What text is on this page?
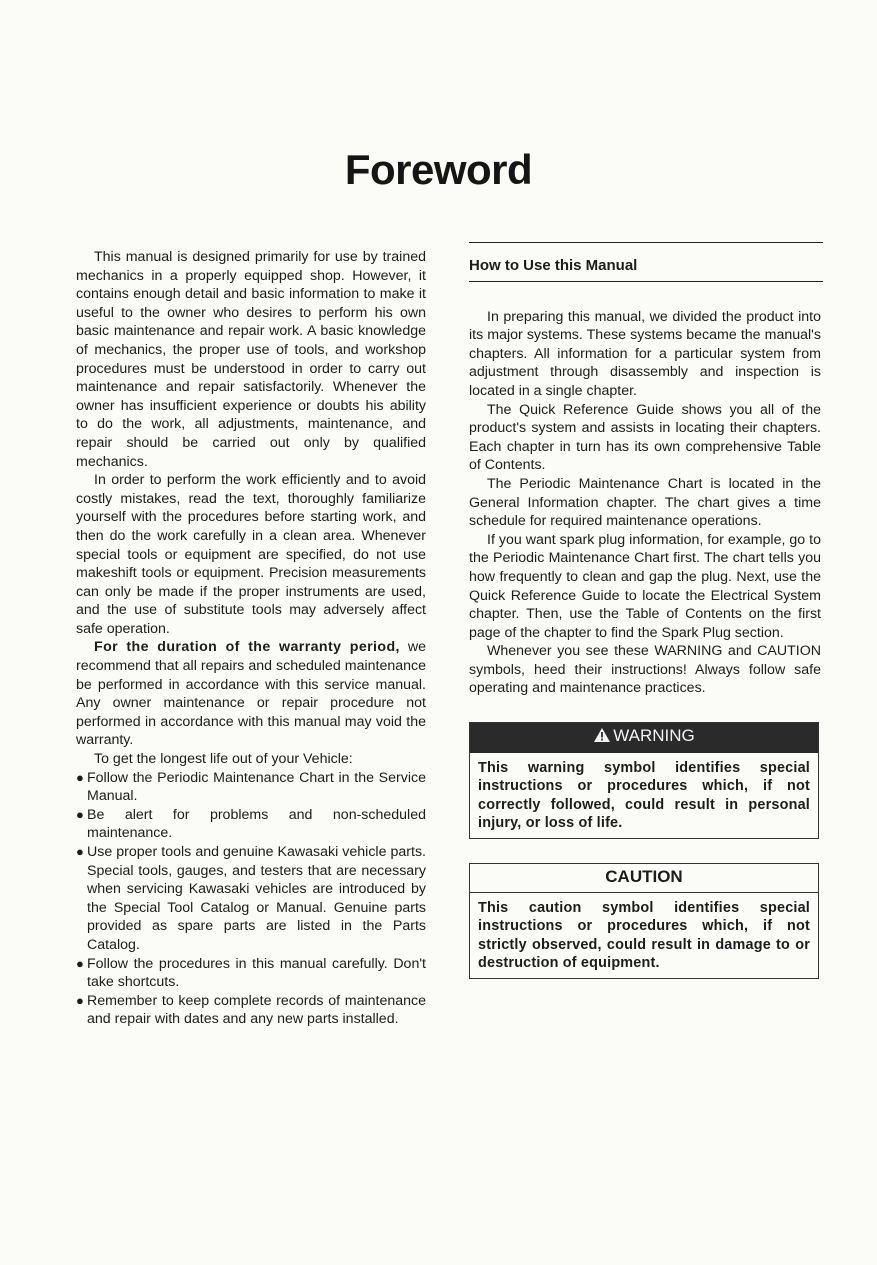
Foreword

This manual is designed primarily for use by trained mechanics in a properly equipped shop. However, it contains enough detail and basic information to make it useful to the owner who desires to perform his own basic maintenance and repair work. A basic knowledge of mechanics, the proper use of tools, and workshop procedures must be understood in order to carry out maintenance and repair satisfactorily. Whenever the owner has insufficient experience or doubts his ability to do the work, all adjustments, maintenance, and repair should be carried out only by qualified mechanics.

In order to perform the work efficiently and to avoid costly mistakes, read the text, thoroughly familiarize yourself with the procedures before starting work, and then do the work carefully in a clean area. Whenever special tools or equipment are specified, do not use makeshift tools or equipment. Precision measurements can only be made if the proper instruments are used, and the use of substitute tools may adversely affect safe operation.

For the duration of the warranty period, we recommend that all repairs and scheduled maintenance be performed in accordance with this service manual. Any owner maintenance or repair procedure not performed in accordance with this manual may void the warranty.

To get the longest life out of your Vehicle:

● Follow the Periodic Maintenance Chart in the Service Manual.
● Be alert for problems and non-scheduled maintenance.
● Use proper tools and genuine Kawasaki vehicle parts. Special tools, gauges, and testers that are necessary when servicing Kawasaki vehicles are introduced by the Special Tool Catalog or Manual. Genuine parts provided as spare parts are listed in the Parts Catalog.
● Follow the procedures in this manual carefully. Don't take shortcuts.
● Remember to keep complete records of maintenance and repair with dates and any new parts installed.
How to Use this Manual

In preparing this manual, we divided the product into its major systems. These systems became the manual's chapters. All information for a particular system from adjustment through disassembly and inspection is located in a single chapter.

The Quick Reference Guide shows you all of the product's system and assists in locating their chapters. Each chapter in turn has its own comprehensive Table of Contents.

The Periodic Maintenance Chart is located in the General Information chapter. The chart gives a time schedule for required maintenance operations.

If you want spark plug information, for example, go to the Periodic Maintenance Chart first. The chart tells you how frequently to clean and gap the plug. Next, use the Quick Reference Guide to locate the Electrical System chapter. Then, use the Table of Contents on the first page of the chapter to find the Spark Plug section.

Whenever you see these WARNING and CAUTION symbols, heed their instructions! Always follow safe operating and maintenance practices.

WARNING
This warning symbol identifies special instructions or procedures which, if not correctly followed, could result in personal injury, or loss of life.
CAUTION
This caution symbol identifies special instructions or procedures which, if not strictly observed, could result in damage to or destruction of equipment.
